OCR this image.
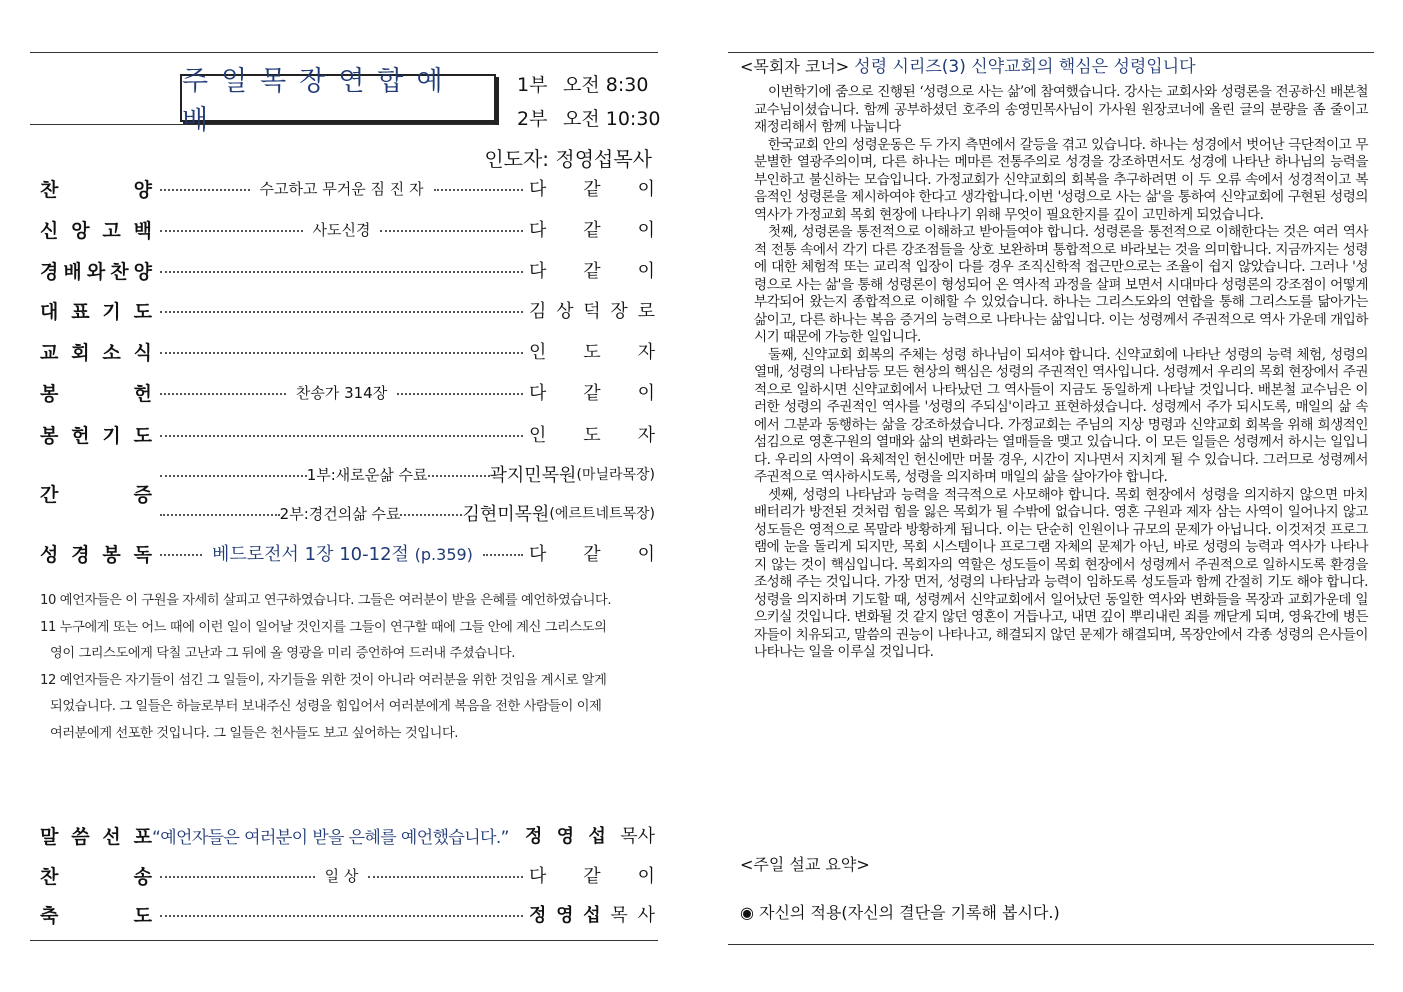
주일목장연합예배
1부 오전 8:30
2부 오전 10:30
인도자: 정영섭목사
찬	양	수고하고 무거운 짐 진 자	다 같 이
신 앙 고 백	사도신경	다 같 이
경 배 와 찬 양	다 같 이
대 표 기 도	김 상 덕 장 로
교 회 소 식	인 도 자
봉	헌	찬송가 314장	다 같 이
봉 헌 기 도	인 도 자
간	증
1부:새로운삶 수료	곽지민목원 (마닐라목장)
2부:경건의삶 수료	김현미목원 (에르트네트목장)
성 경 봉 독	베드로전서 1장 10-12절 (p.359)	다 같 이

10 예언자들은 이 구원을 자세히 살피고 연구하였습니다. 그들은 여러분이 받을 은혜를 예언하였습니다.

11 누구에게 또는 어느 때에 이런 일이 일어날 것인지를 그들이 연구할 때에 그들 안에 계신 그리스도의

영이 그리스도에게 닥칠 고난과 그 뒤에 올 영광을 미리 증언하여 드러내 주셨습니다.

12 예언자들은 자기들이 섬긴 그 일들이, 자기들을 위한 것이 아니라 여러분을 위한 것임을 계시로 알게

되었습니다. 그 일들은 하늘로부터 보내주신 성령을 힘입어서 여러분에게 복음을 전한 사람들이 이제

여러분에게 선포한 것입니다. 그 일들은 천사들도 보고 싶어하는 것입니다.

말 씀 선 포 “예언자들은 여러분이 받을 은혜를 예언했습니다.” 정 영 섭 목사
찬	송	일 상	다 같 이
축	도	정 영 섭 목 사
<목회자 코너> 성령 시리즈(3) 신약교회의 핵심은 성령입니다

이번학기에 줌으로 진행된 ‘성령으로 사는 삶’에 참여했습니다. 강사는 교회사와 성령론을 전공하신 배본철 교수님이셨습니다. 함께 공부하셨던 호주의 송영민목사님이 가사원 원장코너에 올린 글의 분량을 좀 줄이고 재정리해서 함께 나눕니다

한국교회 안의 성령운동은 두 가지 측면에서 갈등을 겪고 있습니다. 하나는 성경에서 벗어난 극단적이고 무분별한 열광주의이며, 다른 하나는 메마른 전통주의로 성경을 강조하면서도 성경에 나타난 하나님의 능력을 부인하고 불신하는 모습입니다. 가정교회가 신약교회의 회복을 추구하려면 이 두 오류 속에서 성경적이고 복음적인 성령론을 제시하여야 한다고 생각합니다.이번 '성령으로 사는 삶'을 통하여 신약교회에 구현된 성령의 역사가 가정교회 목회 현장에 나타나기 위해 무엇이 필요한지를 깊이 고민하게 되었습니다.

첫째, 성령론을 통전적으로 이해하고 받아들여야 합니다. 성령론을 통전적으로 이해한다는 것은 여러 역사적 전통 속에서 각기 다른 강조점들을 상호 보완하며 통합적으로 바라보는 것을 의미합니다. 지금까지는 성령에 대한 체험적 또는 교리적 입장이 다를 경우 조직신학적 접근만으로는 조율이 쉽지 않았습니다. 그러나 '성령으로 사는 삶'을 통해 성령론이 형성되어 온 역사적 과정을 살펴 보면서 시대마다 성령론의 강조점이 어떻게 부각되어 왔는지 종합적으로 이해할 수 있었습니다. 하나는 그리스도와의 연합을 통해 그리스도를 닮아가는 삶이고, 다른 하나는 복음 증거의 능력으로 나타나는 삶입니다. 이는 성령께서 주권적으로 역사 가운데 개입하시기 때문에 가능한 일입니다.

둘째, 신약교회 회복의 주체는 성령 하나님이 되셔야 합니다. 신약교회에 나타난 성령의 능력 체험, 성령의 열매, 성령의 나타남등 모든 현상의 핵심은 성령의 주권적인 역사입니다. 성령께서 우리의 목회 현장에서 주권적으로 일하시면 신약교회에서 나타났던 그 역사들이 지금도 동일하게 나타날 것입니다. 배본철 교수님은 이러한 성령의 주권적인 역사를 '성령의 주되심'이라고 표현하셨습니다. 성령께서 주가 되시도록, 매일의 삶 속에서 그분과 동행하는 삶을 강조하셨습니다. 가정교회는 주님의 지상 명령과 신약교회 회복을 위해 희생적인 섬김으로 영혼구원의 열매와 삶의 변화라는 열매들을 맺고 있습니다. 이 모든 일들은 성령께서 하시는 일입니다. 우리의 사역이 육체적인 헌신에만 머물 경우, 시간이 지나면서 지치게 될 수 있습니다. 그러므로 성령께서 주권적으로 역사하시도록, 성령을 의지하며 매일의 삶을 살아가야 합니다.

셋째, 성령의 나타남과 능력을 적극적으로 사모해야 합니다. 목회 현장에서 성령을 의지하지 않으면 마치 배터리가 방전된 것처럼 힘을 잃은 목회가 될 수밖에 없습니다. 영혼 구원과 제자 삼는 사역이 일어나지 않고 성도들은 영적으로 목말라 방황하게 됩니다. 이는 단순히 인원이나 규모의 문제가 아닙니다. 이것저것 프로그램에 눈을 돌리게 되지만, 목회 시스템이나 프로그램 자체의 문제가 아닌, 바로 성령의 능력과 역사가 나타나지 않는 것이 핵심입니다. 목회자의 역할은 성도들이 목회 현장에서 성령께서 주권적으로 일하시도록 환경을 조성해 주는 것입니다. 가장 먼저, 성령의 나타남과 능력이 임하도록 성도들과 함께 간절히 기도 해야 합니다. 성령을 의지하며 기도할 때, 성령께서 신약교회에서 일어났던 동일한 역사와 변화들을 목장과 교회가운데 일으키실 것입니다. 변화될 것 같지 않던 영혼이 거듭나고, 내면 깊이 뿌리내린 죄를 깨닫게 되며, 영육간에 병든 자들이 치유되고, 말씀의 권능이 나타나고, 해결되지 않던 문제가 해결되며, 목장안에서 각종 성령의 은사들이 나타나는 일을 이루실 것입니다.

<주일 설교 요약>
◉ 자신의 적용(자신의 결단을 기록해 봅시다.)
